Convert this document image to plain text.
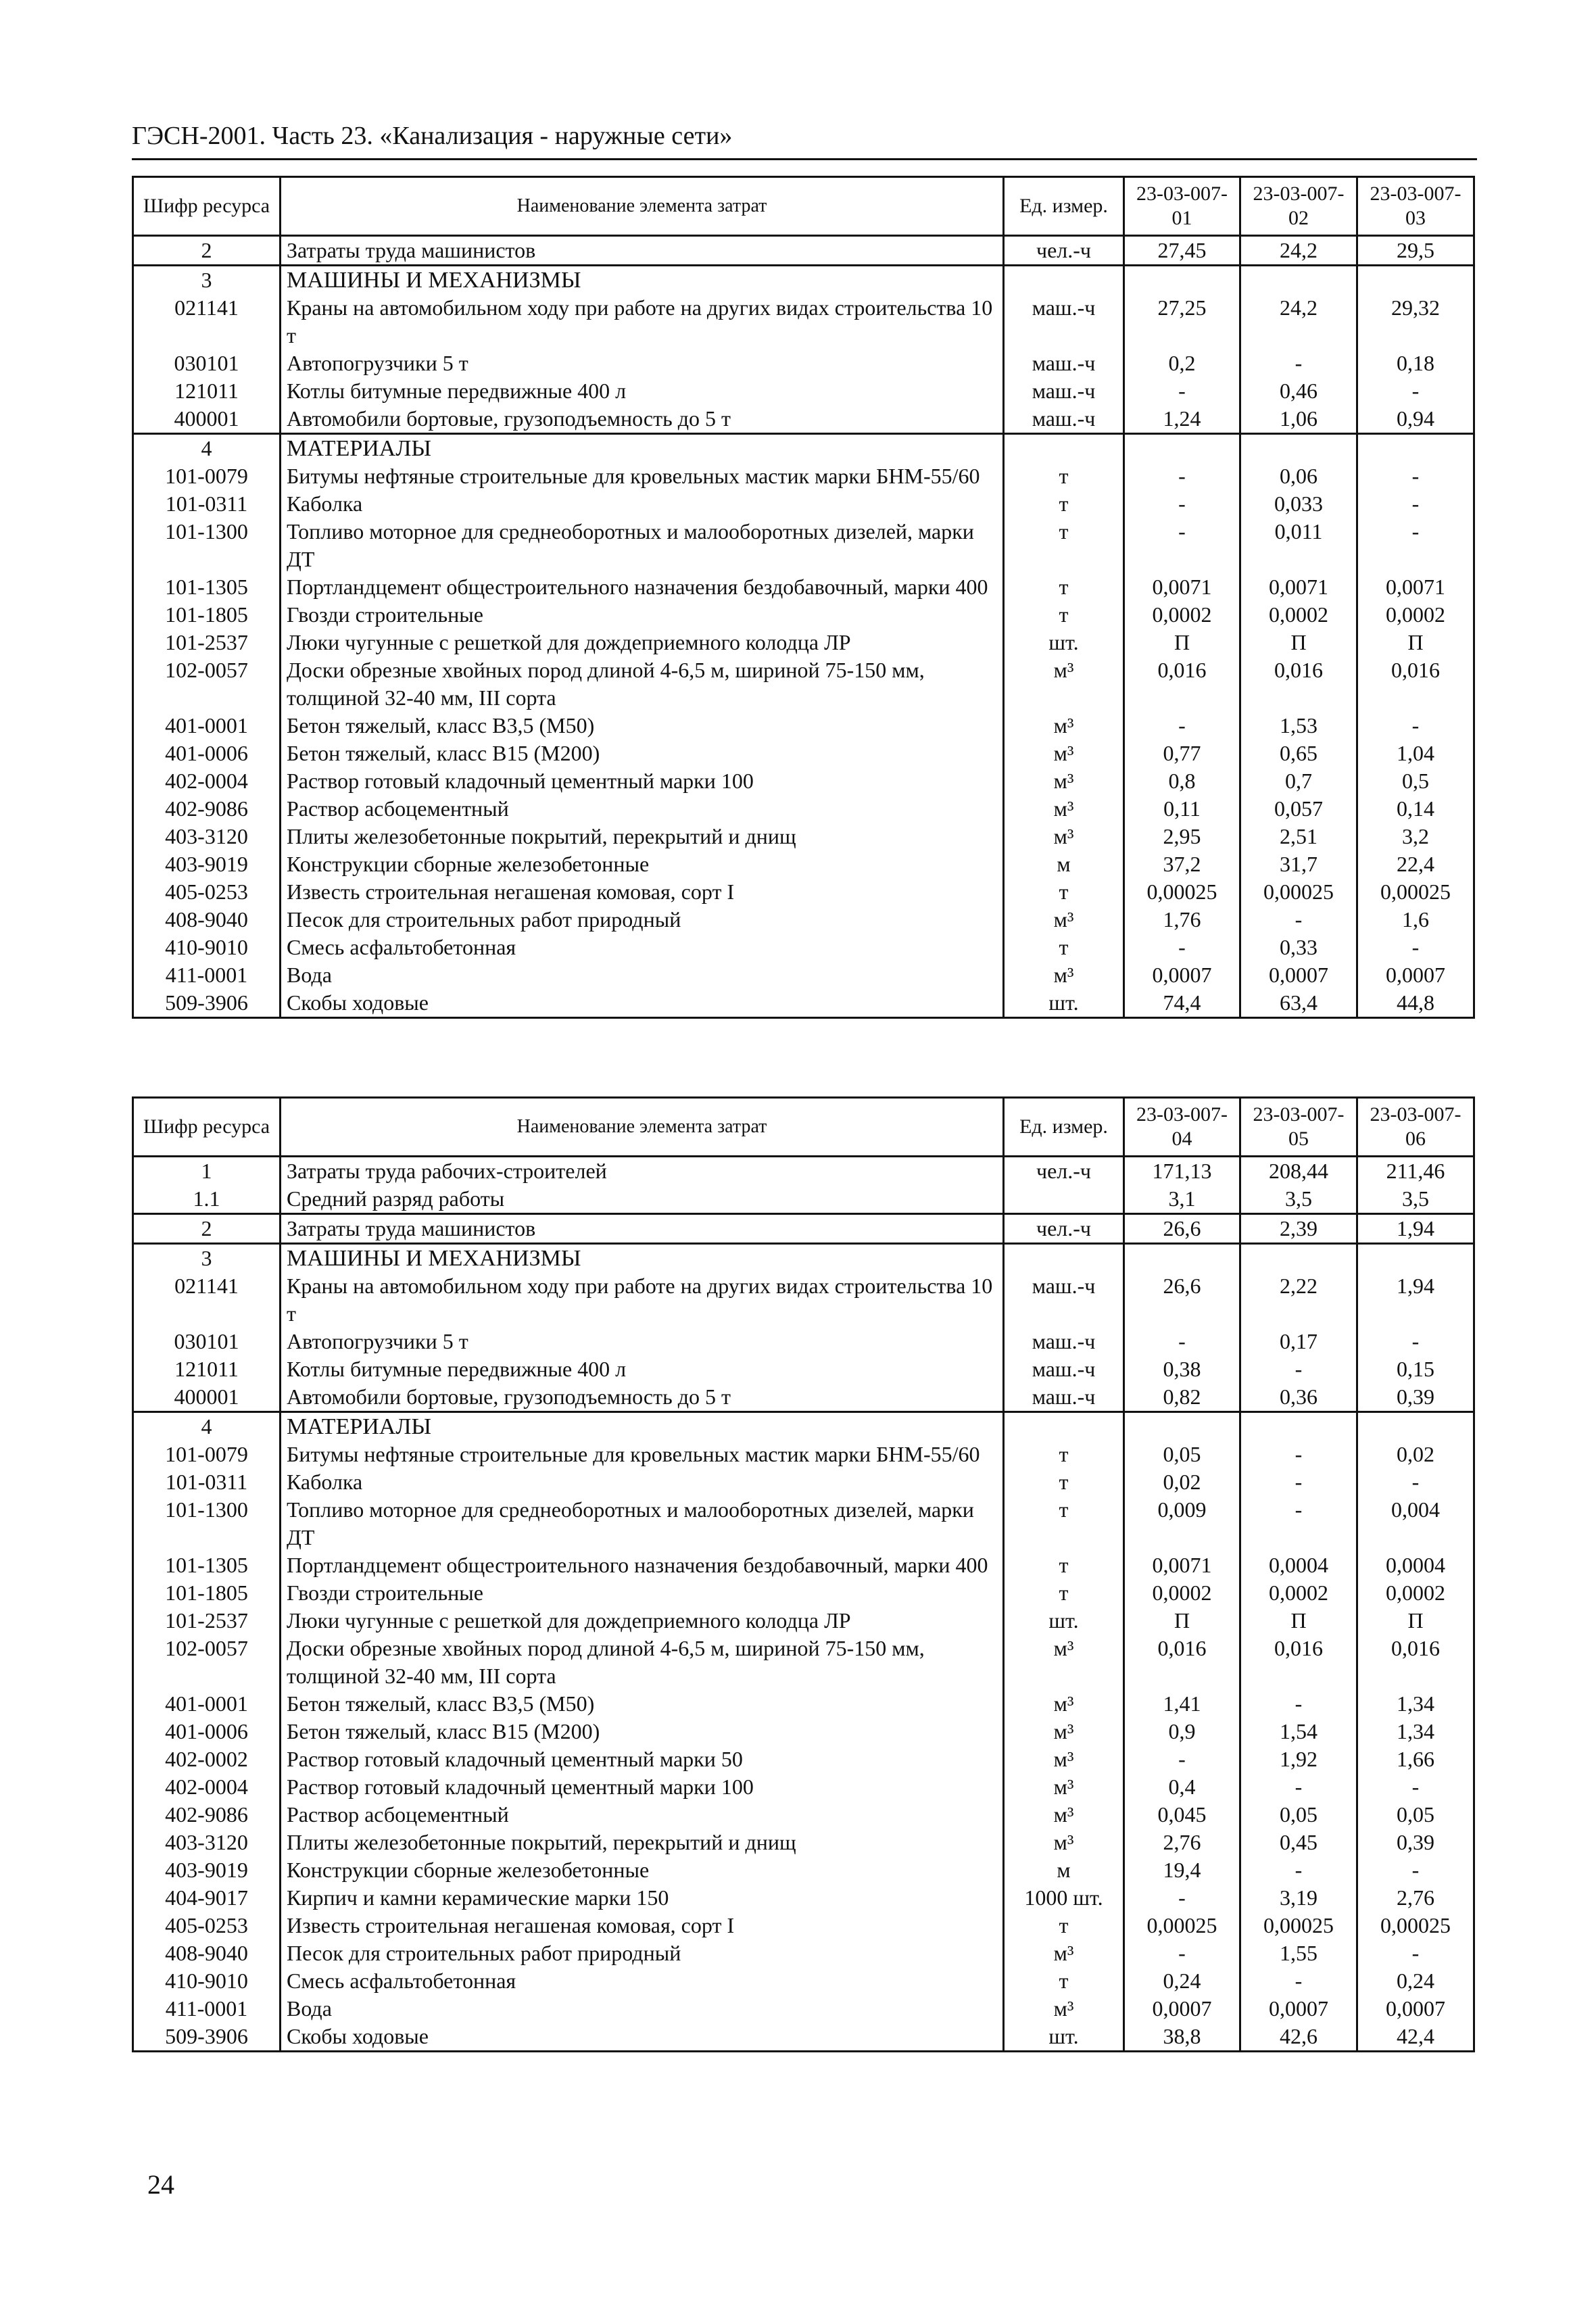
ГЭСН-2001. Часть 23. «Канализация - наружные сети»
Шифр ресурса	Наименование элемента затрат	Ед. измер.	23-03-007-01	23-03-007-02	23-03-007-03
2	Затраты труда машинистов	чел.-ч	27,45	24,2	29,5
3	МАШИНЫ И МЕХАНИЗМЫ				
021141	Краны на автомобильном ходу при работе на других видах строительства 10 т	маш.-ч	27,25	24,2	29,32
030101	Автопогрузчики 5 т	маш.-ч	0,2	-	0,18
121011	Котлы битумные передвижные 400 л	маш.-ч	-	0,46	-
400001	Автомобили бортовые, грузоподъемность до 5 т	маш.-ч	1,24	1,06	0,94
4	МАТЕРИАЛЫ				
101-0079	Битумы нефтяные строительные для кровельных мастик марки БНМ-55/60	т	-	0,06	-
101-0311	Каболка	т	-	0,033	-
101-1300	Топливо моторное для среднеоборотных и малооборотных дизелей, марки ДТ	т	-	0,011	-
101-1305	Портландцемент общестроительного назначения бездобавочный, марки 400	т	0,0071	0,0071	0,0071
101-1805	Гвозди строительные	т	0,0002	0,0002	0,0002
101-2537	Люки чугунные с решеткой для дождеприемного колодца ЛР	шт.	П	П	П
102-0057	Доски обрезные хвойных пород длиной 4-6,5 м, шириной 75-150 мм, толщиной 32-40 мм, III сорта	м³	0,016	0,016	0,016
401-0001	Бетон тяжелый, класс В3,5 (М50)	м³	-	1,53	-
401-0006	Бетон тяжелый, класс В15 (М200)	м³	0,77	0,65	1,04
402-0004	Раствор готовый кладочный цементный марки 100	м³	0,8	0,7	0,5
402-9086	Раствор асбоцементный	м³	0,11	0,057	0,14
403-3120	Плиты железобетонные покрытий, перекрытий и днищ	м³	2,95	2,51	3,2
403-9019	Конструкции сборные железобетонные	м	37,2	31,7	22,4
405-0253	Известь строительная негашеная комовая, сорт I	т	0,00025	0,00025	0,00025
408-9040	Песок для строительных работ природный	м³	1,76	-	1,6
410-9010	Смесь асфальтобетонная	т	-	0,33	-
411-0001	Вода	м³	0,0007	0,0007	0,0007
509-3906	Скобы ходовые	шт.	74,4	63,4	44,8
Шифр ресурса	Наименование элемента затрат	Ед. измер.	23-03-007-04	23-03-007-05	23-03-007-06
1	Затраты труда рабочих-строителей	чел.-ч	171,13	208,44	211,46
1.1	Средний разряд работы		3,1	3,5	3,5
2	Затраты труда машинистов	чел.-ч	26,6	2,39	1,94
3	МАШИНЫ И МЕХАНИЗМЫ				
021141	Краны на автомобильном ходу при работе на других видах строительства 10 т	маш.-ч	26,6	2,22	1,94
030101	Автопогрузчики 5 т	маш.-ч	-	0,17	-
121011	Котлы битумные передвижные 400 л	маш.-ч	0,38	-	0,15
400001	Автомобили бортовые, грузоподъемность до 5 т	маш.-ч	0,82	0,36	0,39
4	МАТЕРИАЛЫ				
101-0079	Битумы нефтяные строительные для кровельных мастик марки БНМ-55/60	т	0,05	-	0,02
101-0311	Каболка	т	0,02	-	-
101-1300	Топливо моторное для среднеоборотных и малооборотных дизелей, марки ДТ	т	0,009	-	0,004
101-1305	Портландцемент общестроительного назначения бездобавочный, марки 400	т	0,0071	0,0004	0,0004
101-1805	Гвозди строительные	т	0,0002	0,0002	0,0002
101-2537	Люки чугунные с решеткой для дождеприемного колодца ЛР	шт.	П	П	П
102-0057	Доски обрезные хвойных пород длиной 4-6,5 м, шириной 75-150 мм, толщиной 32-40 мм, III сорта	м³	0,016	0,016	0,016
401-0001	Бетон тяжелый, класс В3,5 (М50)	м³	1,41	-	1,34
401-0006	Бетон тяжелый, класс В15 (М200)	м³	0,9	1,54	1,34
402-0002	Раствор готовый кладочный цементный марки 50	м³	-	1,92	1,66
402-0004	Раствор готовый кладочный цементный марки 100	м³	0,4	-	-
402-9086	Раствор асбоцементный	м³	0,045	0,05	0,05
403-3120	Плиты железобетонные покрытий, перекрытий и днищ	м³	2,76	0,45	0,39
403-9019	Конструкции сборные железобетонные	м	19,4	-	-
404-9017	Кирпич и камни керамические марки 150	1000 шт.	-	3,19	2,76
405-0253	Известь строительная негашеная комовая, сорт I	т	0,00025	0,00025	0,00025
408-9040	Песок для строительных работ природный	м³	-	1,55	-
410-9010	Смесь асфальтобетонная	т	0,24	-	0,24
411-0001	Вода	м³	0,0007	0,0007	0,0007
509-3906	Скобы ходовые	шт.	38,8	42,6	42,4
24
